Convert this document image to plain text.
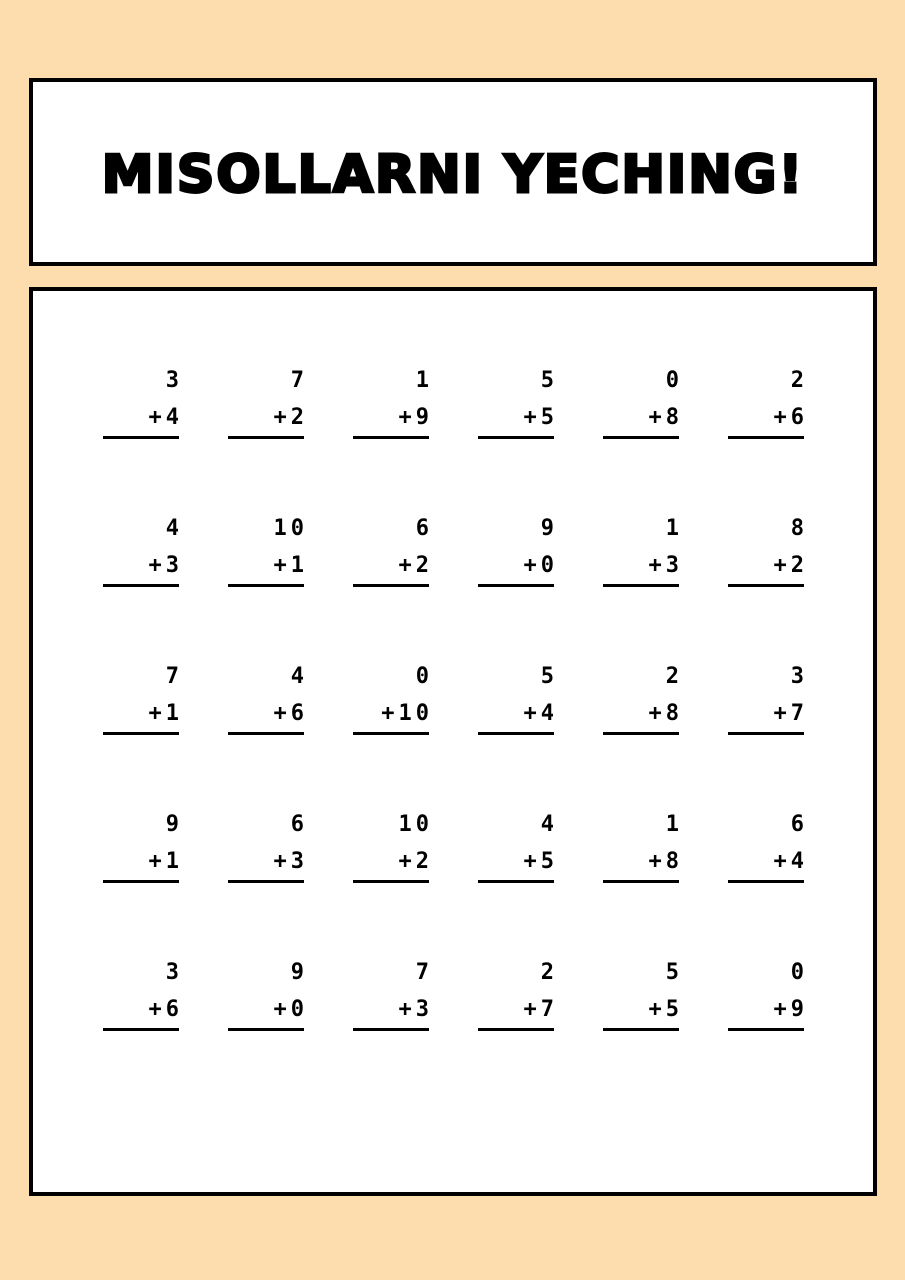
MISOLLARNI YECHING!
3
+4
7
+2
1
+9
5
+5
0
+8
2
+6
4
+3
10
+1
6
+2
9
+0
1
+3
8
+2
7
+1
4
+6
0
+10
5
+4
2
+8
3
+7
9
+1
6
+3
10
+2
4
+5
1
+8
6
+4
3
+6
9
+0
7
+3
2
+7
5
+5
0
+9
